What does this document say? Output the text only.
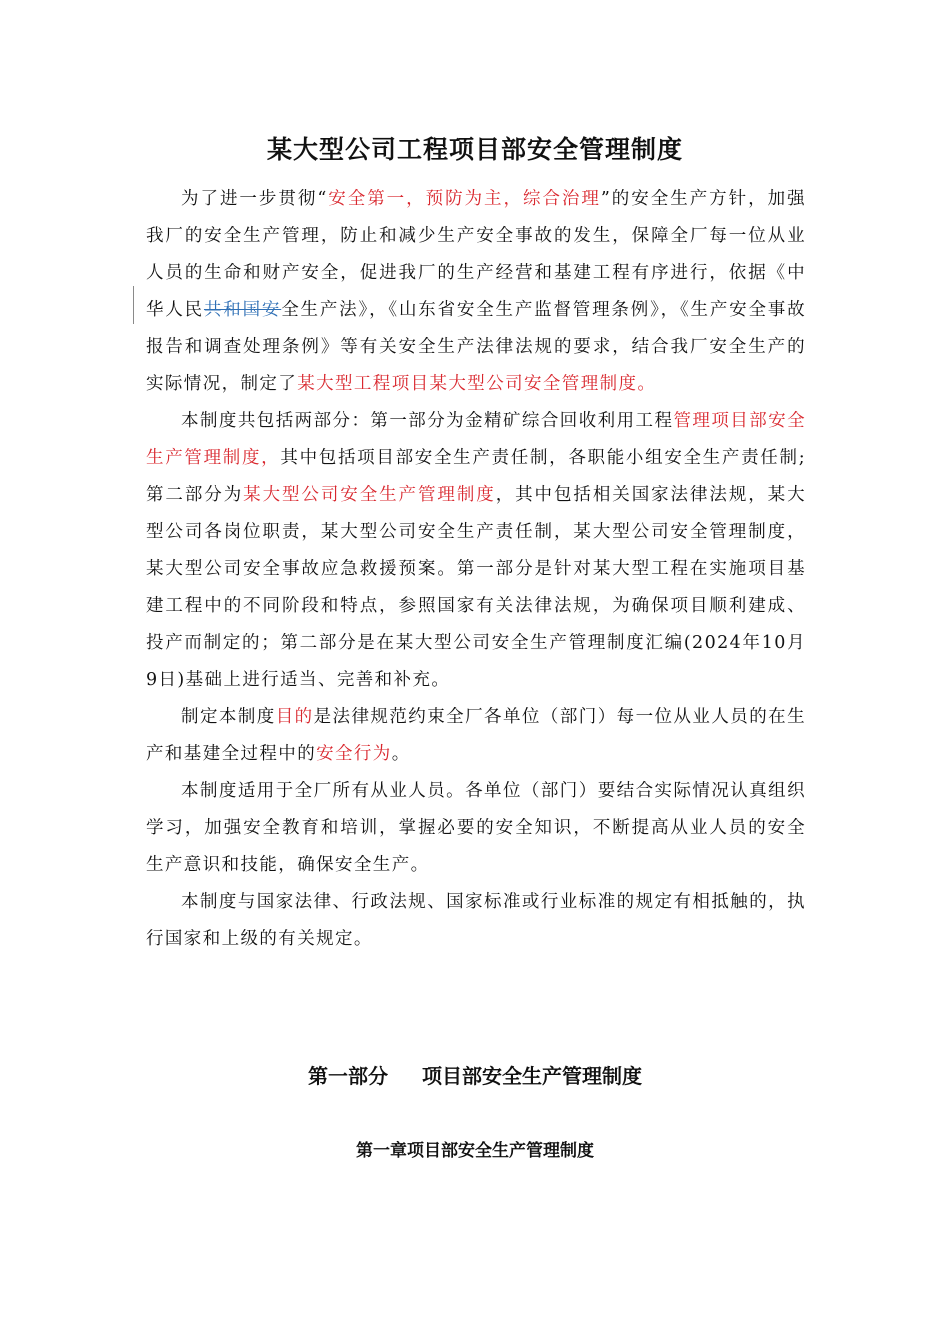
某大型公司工程项目部安全管理制度

为了进一步贯彻“安全第一，预防为主，综合治理”的安全生产方针，加强我厂的安全生产管理，防止和减少生产安全事故的发生，保障全厂每一位从业人员的生命和财产安全，促进我厂的生产经营和基建工程有序进行，依据《中华人民共和国安全生产法》，《山东省安全生产监督管理条例》，《生产安全事故报告和调查处理条例》等有关安全生产法律法规的要求，结合我厂安全生产的实际情况，制定了某大型工程项目某大型公司安全管理制度。

本制度共包括两部分：第一部分为金精矿综合回收利用工程管理项目部安全生产管理制度，其中包括项目部安全生产责任制，各职能小组安全生产责任制;第二部分为某大型公司安全生产管理制度，其中包括相关国家法律法规，某大型公司各岗位职责，某大型公司安全生产责任制，某大型公司安全管理制度，某大型公司安全事故应急救援预案。第一部分是针对某大型工程在实施项目基建工程中的不同阶段和特点，参照国家有关法律法规，为确保项目顺利建成、投产而制定的；第二部分是在某大型公司安全生产管理制度汇编(2024年10月9日)基础上进行适当、完善和补充。

制定本制度目的是法律规范约束全厂各单位（部门）每一位从业人员的在生产和基建全过程中的安全行为。

本制度适用于全厂所有从业人员。各单位（部门）要结合实际情况认真组织学习，加强安全教育和培训，掌握必要的安全知识，不断提高从业人员的安全生产意识和技能，确保安全生产。

本制度与国家法律、行政法规、国家标准或行业标准的规定有相抵触的，执行国家和上级的有关规定。

第一部分 项目部安全生产管理制度
第一章项目部安全生产管理制度
